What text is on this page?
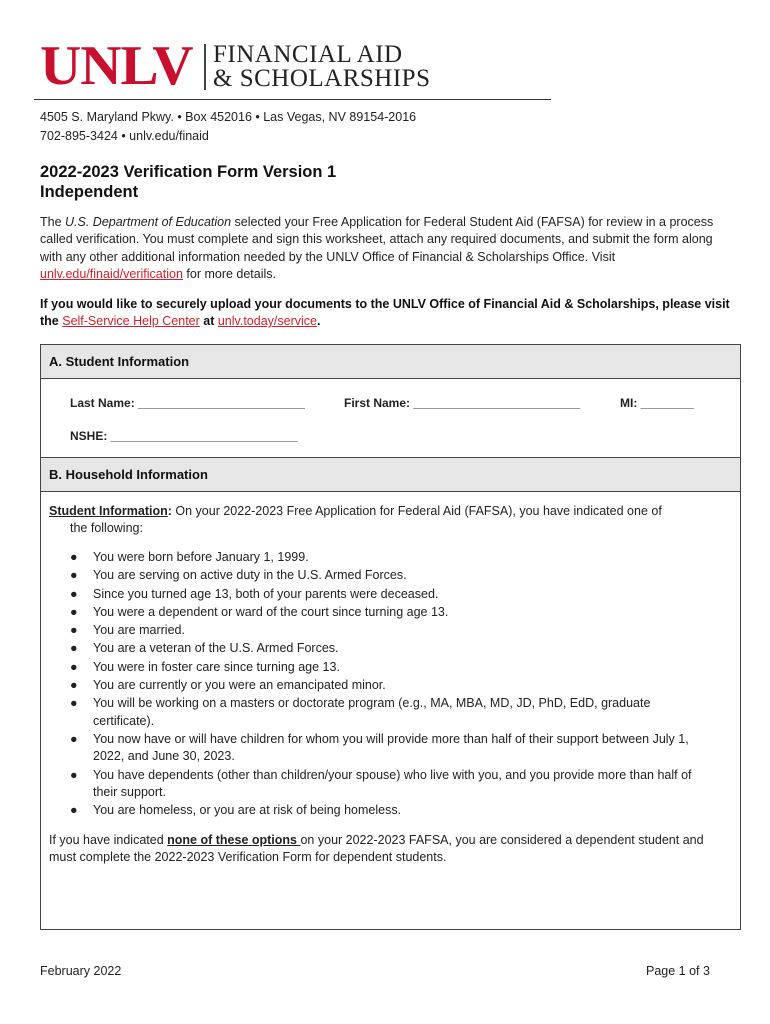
UNLV FINANCIAL AID
& SCHOLARSHIPS
4505 S. Maryland Pkwy. • Box 452016 • Las Vegas, NV 89154-2016
702-895-3424 • unlv.edu/finaid
2022-2023 Verification Form Version 1
Independent
The U.S. Department of Education selected your Free Application for Federal Student Aid (FAFSA) for review in a process called verification. You must complete and sign this worksheet, attach any required documents, and submit the form along with any other additional information needed by the UNLV Office of Financial & Scholarships Office. Visit unlv.edu/finaid/verification for more details.
If you would like to securely upload your documents to the UNLV Office of Financial Aid & Scholarships, please visit the Self-Service Help Center at unlv.today/service.
A. Student Information
Last Name: _________________________	First Name: _________________________	MI: ________
NSHE: ____________________________
B. Household Information
Student Information: On your 2022-2023 Free Application for Federal Aid (FAFSA), you have indicated one of
the following:
● You were born before January 1, 1999.
● You are serving on active duty in the U.S. Armed Forces.
● Since you turned age 13, both of your parents were deceased.
● You were a dependent or ward of the court since turning age 13.
● You are married.
● You are a veteran of the U.S. Armed Forces.
● You were in foster care since turning age 13.
● You are currently or you were an emancipated minor.
● You will be working on a masters or doctorate program (e.g., MA, MBA, MD, JD, PhD, EdD, graduate certificate).
● You now have or will have children for whom you will provide more than half of their support between July 1, 2022, and June 30, 2023.
● You have dependents (other than children/your spouse) who live with you, and you provide more than half of their support.
● You are homeless, or you are at risk of being homeless.
If you have indicated none of these options on your 2022-2023 FAFSA, you are considered a dependent student and must complete the 2022-2023 Verification Form for dependent students.
February 2022	Page 1 of 3
